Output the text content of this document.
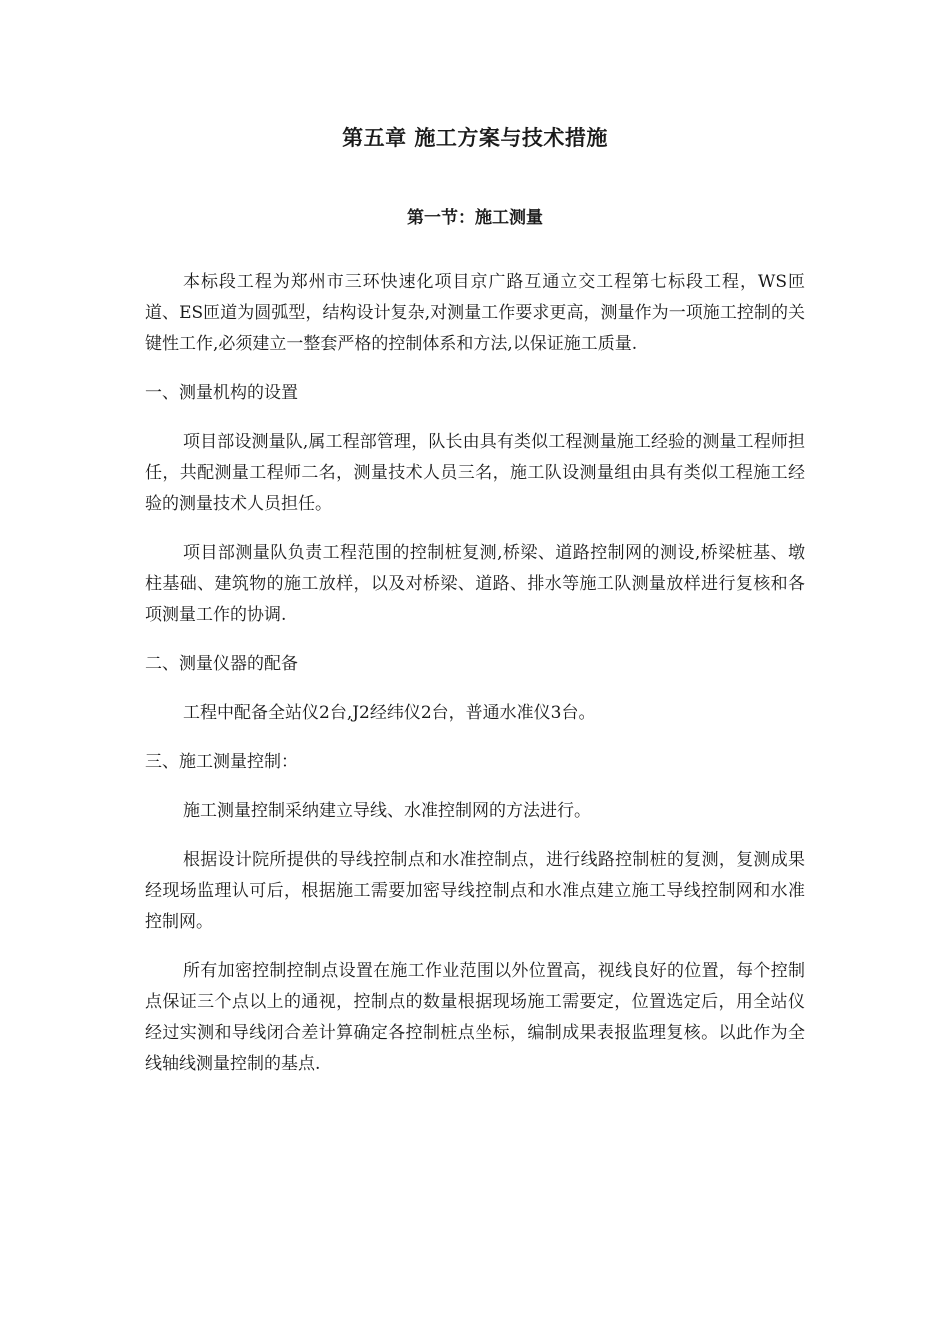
第五章 施工方案与技术措施
第一节：施工测量

本标段工程为郑州市三环快速化项目京广路互通立交工程第七标段工程，WS匝道、ES匝道为圆弧型，结构设计复杂,对测量工作要求更高，测量作为一项施工控制的关键性工作,必须建立一整套严格的控制体系和方法,以保证施工质量.

一、测量机构的设置

项目部设测量队,属工程部管理，队长由具有类似工程测量施工经验的测量工程师担任，共配测量工程师二名，测量技术人员三名，施工队设测量组由具有类似工程施工经验的测量技术人员担任。

项目部测量队负责工程范围的控制桩复测,桥梁、道路控制网的测设,桥梁桩基、墩柱基础、建筑物的施工放样，以及对桥梁、道路、排水等施工队测量放样进行复核和各项测量工作的协调.

二、测量仪器的配备

工程中配备全站仪2台,J2经纬仪2台，普通水准仪3台。

三、施工测量控制：

施工测量控制采纳建立导线、水准控制网的方法进行。

根据设计院所提供的导线控制点和水准控制点，进行线路控制桩的复测，复测成果经现场监理认可后，根据施工需要加密导线控制点和水准点建立施工导线控制网和水准控制网。

所有加密控制控制点设置在施工作业范围以外位置高，视线良好的位置，每个控制点保证三个点以上的通视，控制点的数量根据现场施工需要定，位置选定后，用全站仪经过实测和导线闭合差计算确定各控制桩点坐标，编制成果表报监理复核。以此作为全线轴线测量控制的基点.
